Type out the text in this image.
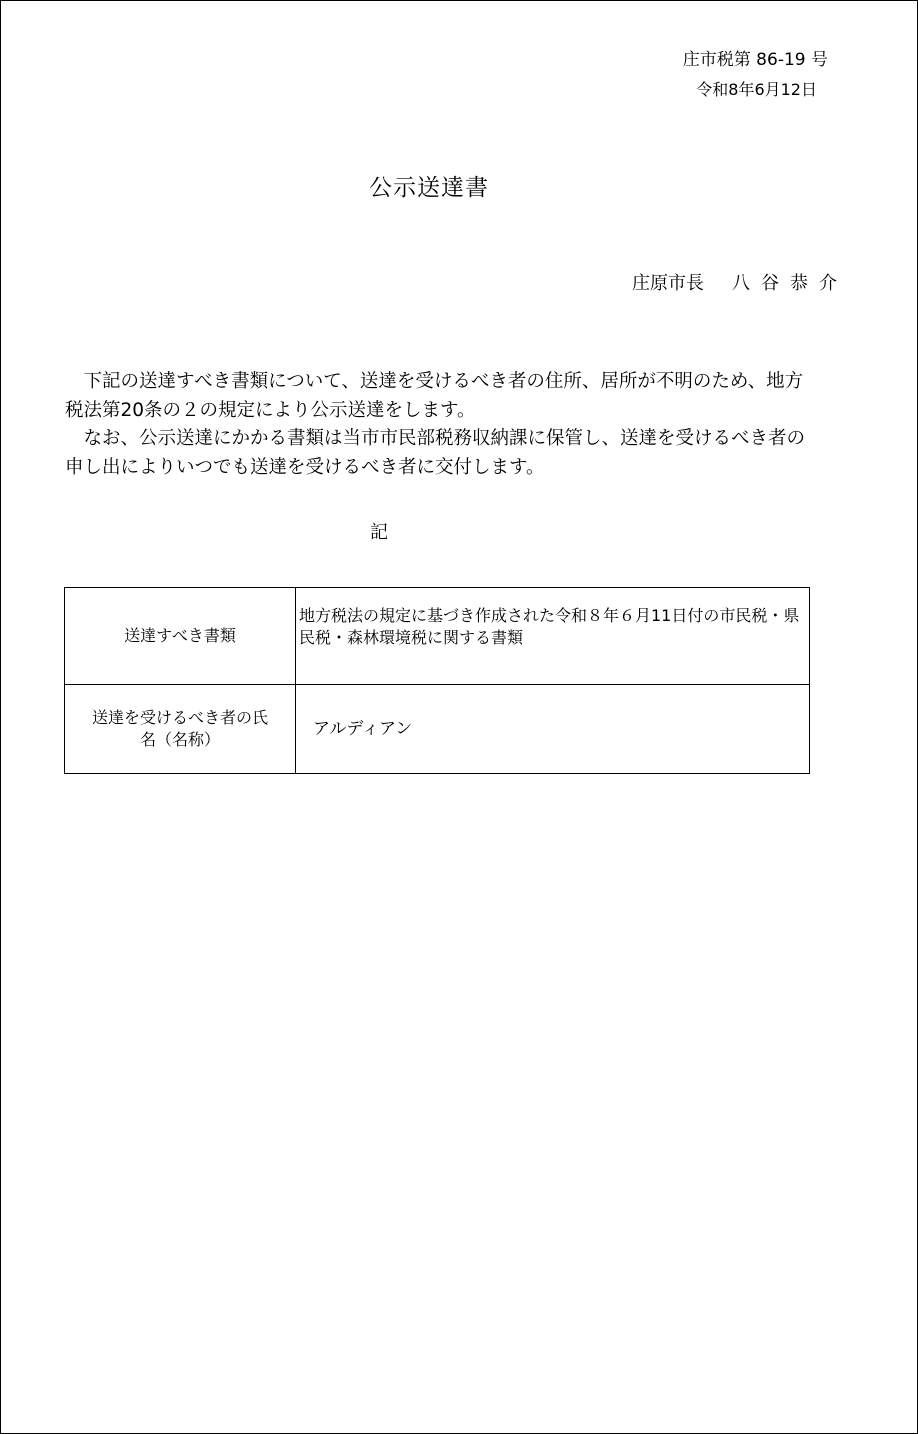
庄市税第 86-19 号
令和8年6月12日
公示送達書
庄原市長 八谷恭介

下記の送達すべき書類について、送達を受けるべき者の住所、居所が不明のため、地方税法第20条の２の規定により公示送達をします。

なお、公示送達にかかる書類は当市市民部税務収納課に保管し、送達を受けるべき者の申し出によりいつでも送達を受けるべき者に交付します。

記
送達すべき書類	地方税法の規定に基づき作成された令和８年６月11日付の市民税・県民税・森林環境税に関する書類
送達を受けるべき者の氏名（名称）	アルディアン
